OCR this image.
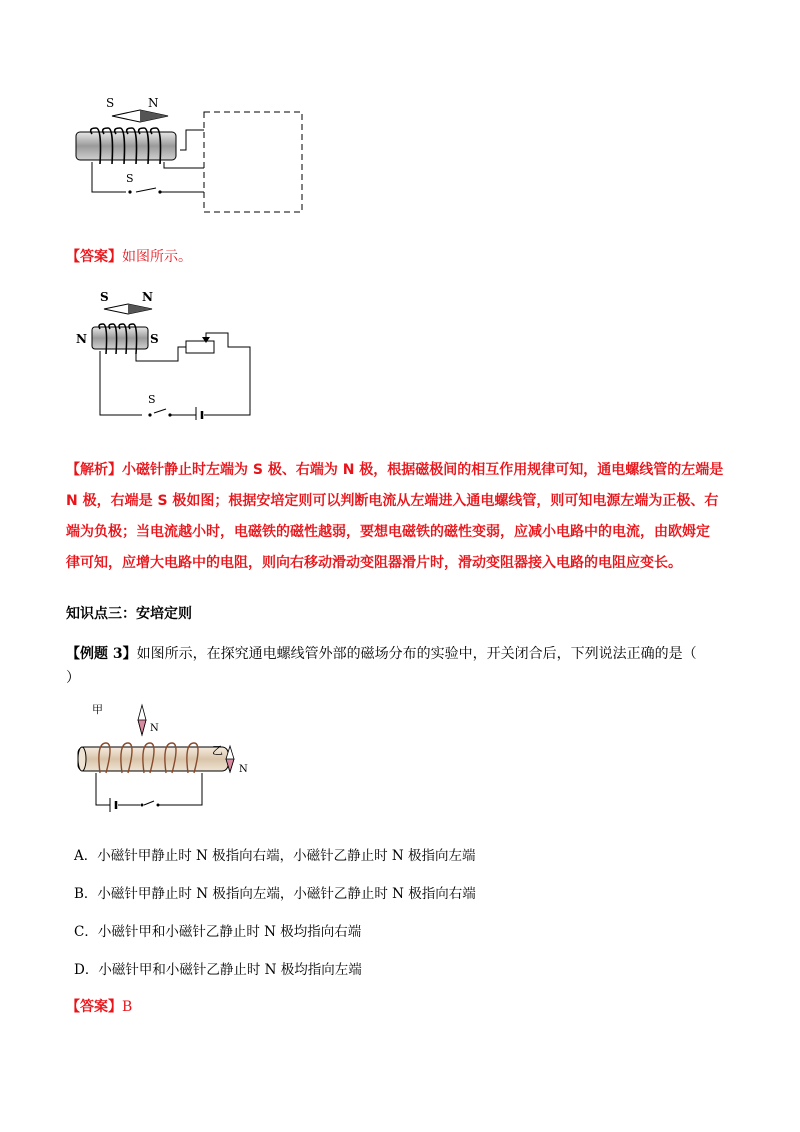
S	N
S
【答案】如图所示。
S	N
N	S
S
【解析】小磁针静止时左端为 S 极、右端为 N 极，根据磁极间的相互作用规律可知，通电螺线管的左端是
N 极，右端是 S 极如图；根据安培定则可以判断电流从左端进入通电螺线管，则可知电源左端为正极、右
端为负极；当电流越小时，电磁铁的磁性越弱，要想电磁铁的磁性变弱，应减小电路中的电流，由欧姆定
律可知，应增大电路中的电阻，则向右移动滑动变阻器滑片时，滑动变阻器接入电路的电阻应变长。
知识点三：安培定则
【例题 3】如图所示，在探究通电螺线管外部的磁场分布的实验中，开关闭合后，下列说法正确的是（
）
甲
N
乙
N
A．小磁针甲静止时 N 极指向右端，小磁针乙静止时 N 极指向左端
B．小磁针甲静止时 N 极指向左端，小磁针乙静止时 N 极指向右端
C．小磁针甲和小磁针乙静止时 N 极均指向右端
D．小磁针甲和小磁针乙静止时 N 极均指向左端
【答案】B
